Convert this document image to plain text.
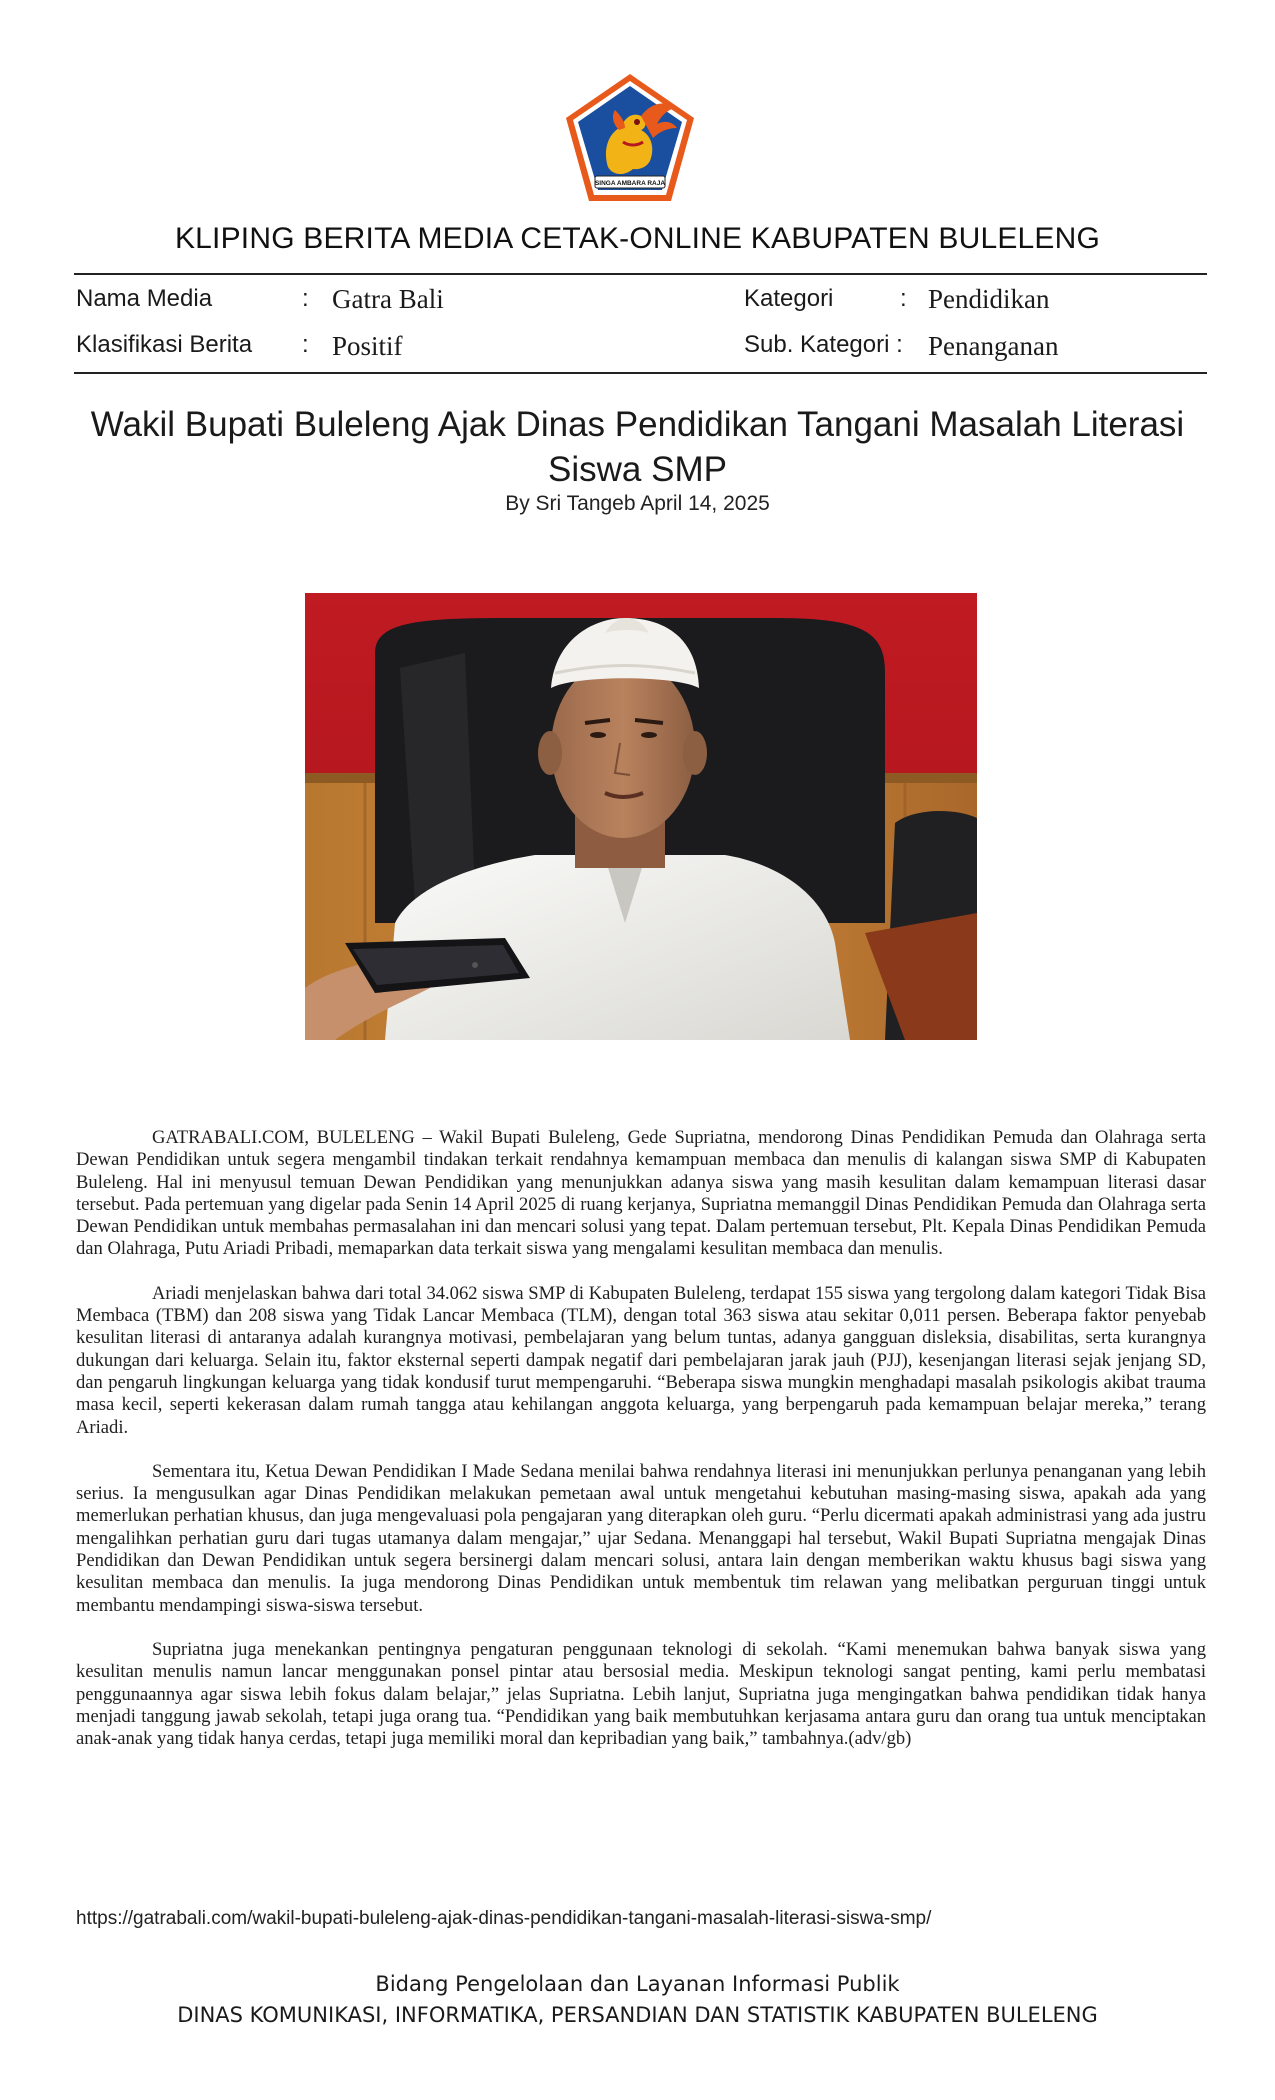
SINGA AMBARA RAJA
KLIPING BERITA MEDIA CETAK-ONLINE KABUPATEN BULELENG
Nama Media	: Gatra Bali	Kategori	: Pendidikan
Klasifikasi Berita : Positif	Sub. Kategori : Penanganan
Wakil Bupati Buleleng Ajak Dinas Pendidikan Tangani Masalah Literasi Siswa SMP
By Sri Tangeb April 14, 2025

GATRABALI.COM, BULELENG – Wakil Bupati Buleleng, Gede Supriatna, mendorong Dinas Pendidikan Pemuda dan Olahraga serta Dewan Pendidikan untuk segera mengambil tindakan terkait rendahnya kemampuan membaca dan menulis di kalangan siswa SMP di Kabupaten Buleleng. Hal ini menyusul temuan Dewan Pendidikan yang menunjukkan adanya siswa yang masih kesulitan dalam kemampuan literasi dasar tersebut. Pada pertemuan yang digelar pada Senin 14 April 2025 di ruang kerjanya, Supriatna memanggil Dinas Pendidikan Pemuda dan Olahraga serta Dewan Pendidikan untuk membahas permasalahan ini dan mencari solusi yang tepat. Dalam pertemuan tersebut, Plt. Kepala Dinas Pendidikan Pemuda dan Olahraga, Putu Ariadi Pribadi, memaparkan data terkait siswa yang mengalami kesulitan membaca dan menulis.

Ariadi menjelaskan bahwa dari total 34.062 siswa SMP di Kabupaten Buleleng, terdapat 155 siswa yang tergolong dalam kategori Tidak Bisa Membaca (TBM) dan 208 siswa yang Tidak Lancar Membaca (TLM), dengan total 363 siswa atau sekitar 0,011 persen. Beberapa faktor penyebab kesulitan literasi di antaranya adalah kurangnya motivasi, pembelajaran yang belum tuntas, adanya gangguan disleksia, disabilitas, serta kurangnya dukungan dari keluarga. Selain itu, faktor eksternal seperti dampak negatif dari pembelajaran jarak jauh (PJJ), kesenjangan literasi sejak jenjang SD, dan pengaruh lingkungan keluarga yang tidak kondusif turut mempengaruhi. “Beberapa siswa mungkin menghadapi masalah psikologis akibat trauma masa kecil, seperti kekerasan dalam rumah tangga atau kehilangan anggota keluarga, yang berpengaruh pada kemampuan belajar mereka,” terang Ariadi.

Sementara itu, Ketua Dewan Pendidikan I Made Sedana menilai bahwa rendahnya literasi ini menunjukkan perlunya penanganan yang lebih serius. Ia mengusulkan agar Dinas Pendidikan melakukan pemetaan awal untuk mengetahui kebutuhan masing-masing siswa, apakah ada yang memerlukan perhatian khusus, dan juga mengevaluasi pola pengajaran yang diterapkan oleh guru. “Perlu dicermati apakah administrasi yang ada justru mengalihkan perhatian guru dari tugas utamanya dalam mengajar,” ujar Sedana. Menanggapi hal tersebut, Wakil Bupati Supriatna mengajak Dinas Pendidikan dan Dewan Pendidikan untuk segera bersinergi dalam mencari solusi, antara lain dengan memberikan waktu khusus bagi siswa yang kesulitan membaca dan menulis. Ia juga mendorong Dinas Pendidikan untuk membentuk tim relawan yang melibatkan perguruan tinggi untuk membantu mendampingi siswa-siswa tersebut.

Supriatna juga menekankan pentingnya pengaturan penggunaan teknologi di sekolah. “Kami menemukan bahwa banyak siswa yang kesulitan menulis namun lancar menggunakan ponsel pintar atau bersosial media. Meskipun teknologi sangat penting, kami perlu membatasi penggunaannya agar siswa lebih fokus dalam belajar,” jelas Supriatna. Lebih lanjut, Supriatna juga mengingatkan bahwa pendidikan tidak hanya menjadi tanggung jawab sekolah, tetapi juga orang tua. “Pendidikan yang baik membutuhkan kerjasama antara guru dan orang tua untuk menciptakan anak-anak yang tidak hanya cerdas, tetapi juga memiliki moral dan kepribadian yang baik,” tambahnya.(adv/gb)

https://gatrabali.com/wakil-bupati-buleleng-ajak-dinas-pendidikan-tangani-masalah-literasi-siswa-smp/
Bidang Pengelolaan dan Layanan Informasi Publik
DINAS KOMUNIKASI, INFORMATIKA, PERSANDIAN DAN STATISTIK KABUPATEN BULELENG
